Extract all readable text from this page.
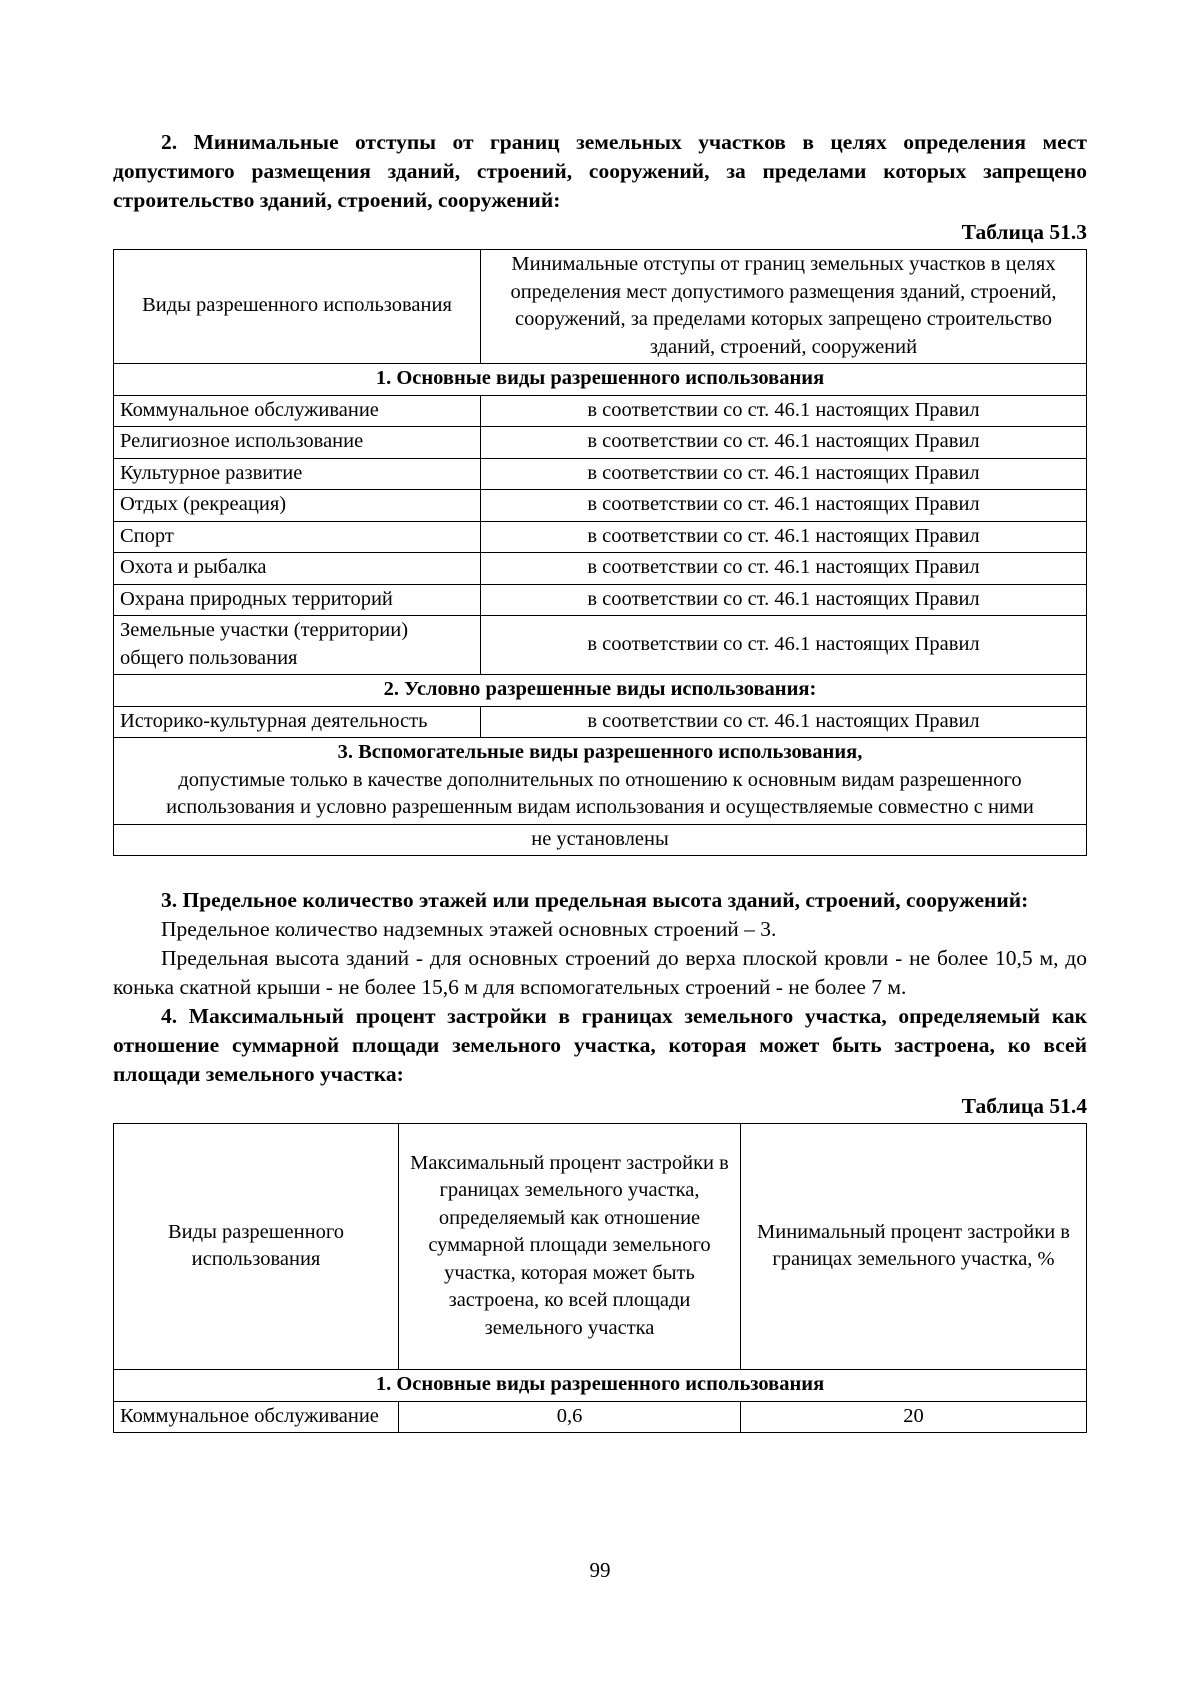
2. Минимальные отступы от границ земельных участков в целях определения мест допустимого размещения зданий, строений, сооружений, за пределами которых запрещено строительство зданий, строений, сооружений:

Таблица 51.3
Виды разрешенного использования	Минимальные отступы от границ земельных участков в целях определения мест допустимого размещения зданий, строений, сооружений, за пределами которых запрещено строительство зданий, строений, сооружений
1. Основные виды разрешенного использования	
Коммунальное обслуживание	в соответствии со ст. 46.1 настоящих Правил
Религиозное использование	в соответствии со ст. 46.1 настоящих Правил
Культурное развитие	в соответствии со ст. 46.1 настоящих Правил
Отдых (рекреация)	в соответствии со ст. 46.1 настоящих Правил
Спорт	в соответствии со ст. 46.1 настоящих Правил
Охота и рыбалка	в соответствии со ст. 46.1 настоящих Правил
Охрана природных территорий	в соответствии со ст. 46.1 настоящих Правил
Земельные участки (территории) общего пользования	в соответствии со ст. 46.1 настоящих Правил
2. Условно разрешенные виды использования:	
Историко-культурная деятельность	в соответствии со ст. 46.1 настоящих Правил
3. Вспомогательные виды разрешенного использования,
допустимые только в качестве дополнительных по отношению к основным видам разрешенного использования и условно разрешенным видам использования и осуществляемые совместно с ними	
не установлены	

3. Предельное количество этажей или предельная высота зданий, строений, сооружений:

Предельное количество надземных этажей основных строений – 3.

Предельная высота зданий - для основных строений до верха плоской кровли - не более 10,5 м, до конька скатной крыши - не более 15,6 м для вспомогательных строений - не более 7 м.

4. Максимальный процент застройки в границах земельного участка, определяемый как отношение суммарной площади земельного участка, которая может быть застроена, ко всей площади земельного участка:

Таблица 51.4
Виды разрешенного использования	Максимальный процент застройки в границах земельного участка, определяемый как отношение суммарной площади земельного участка, которая может быть застроена, ко всей площади земельного участка	Минимальный процент застройки в границах земельного участка, %
1. Основные виды разрешенного использования		
Коммунальное обслуживание	0,6	20
99
